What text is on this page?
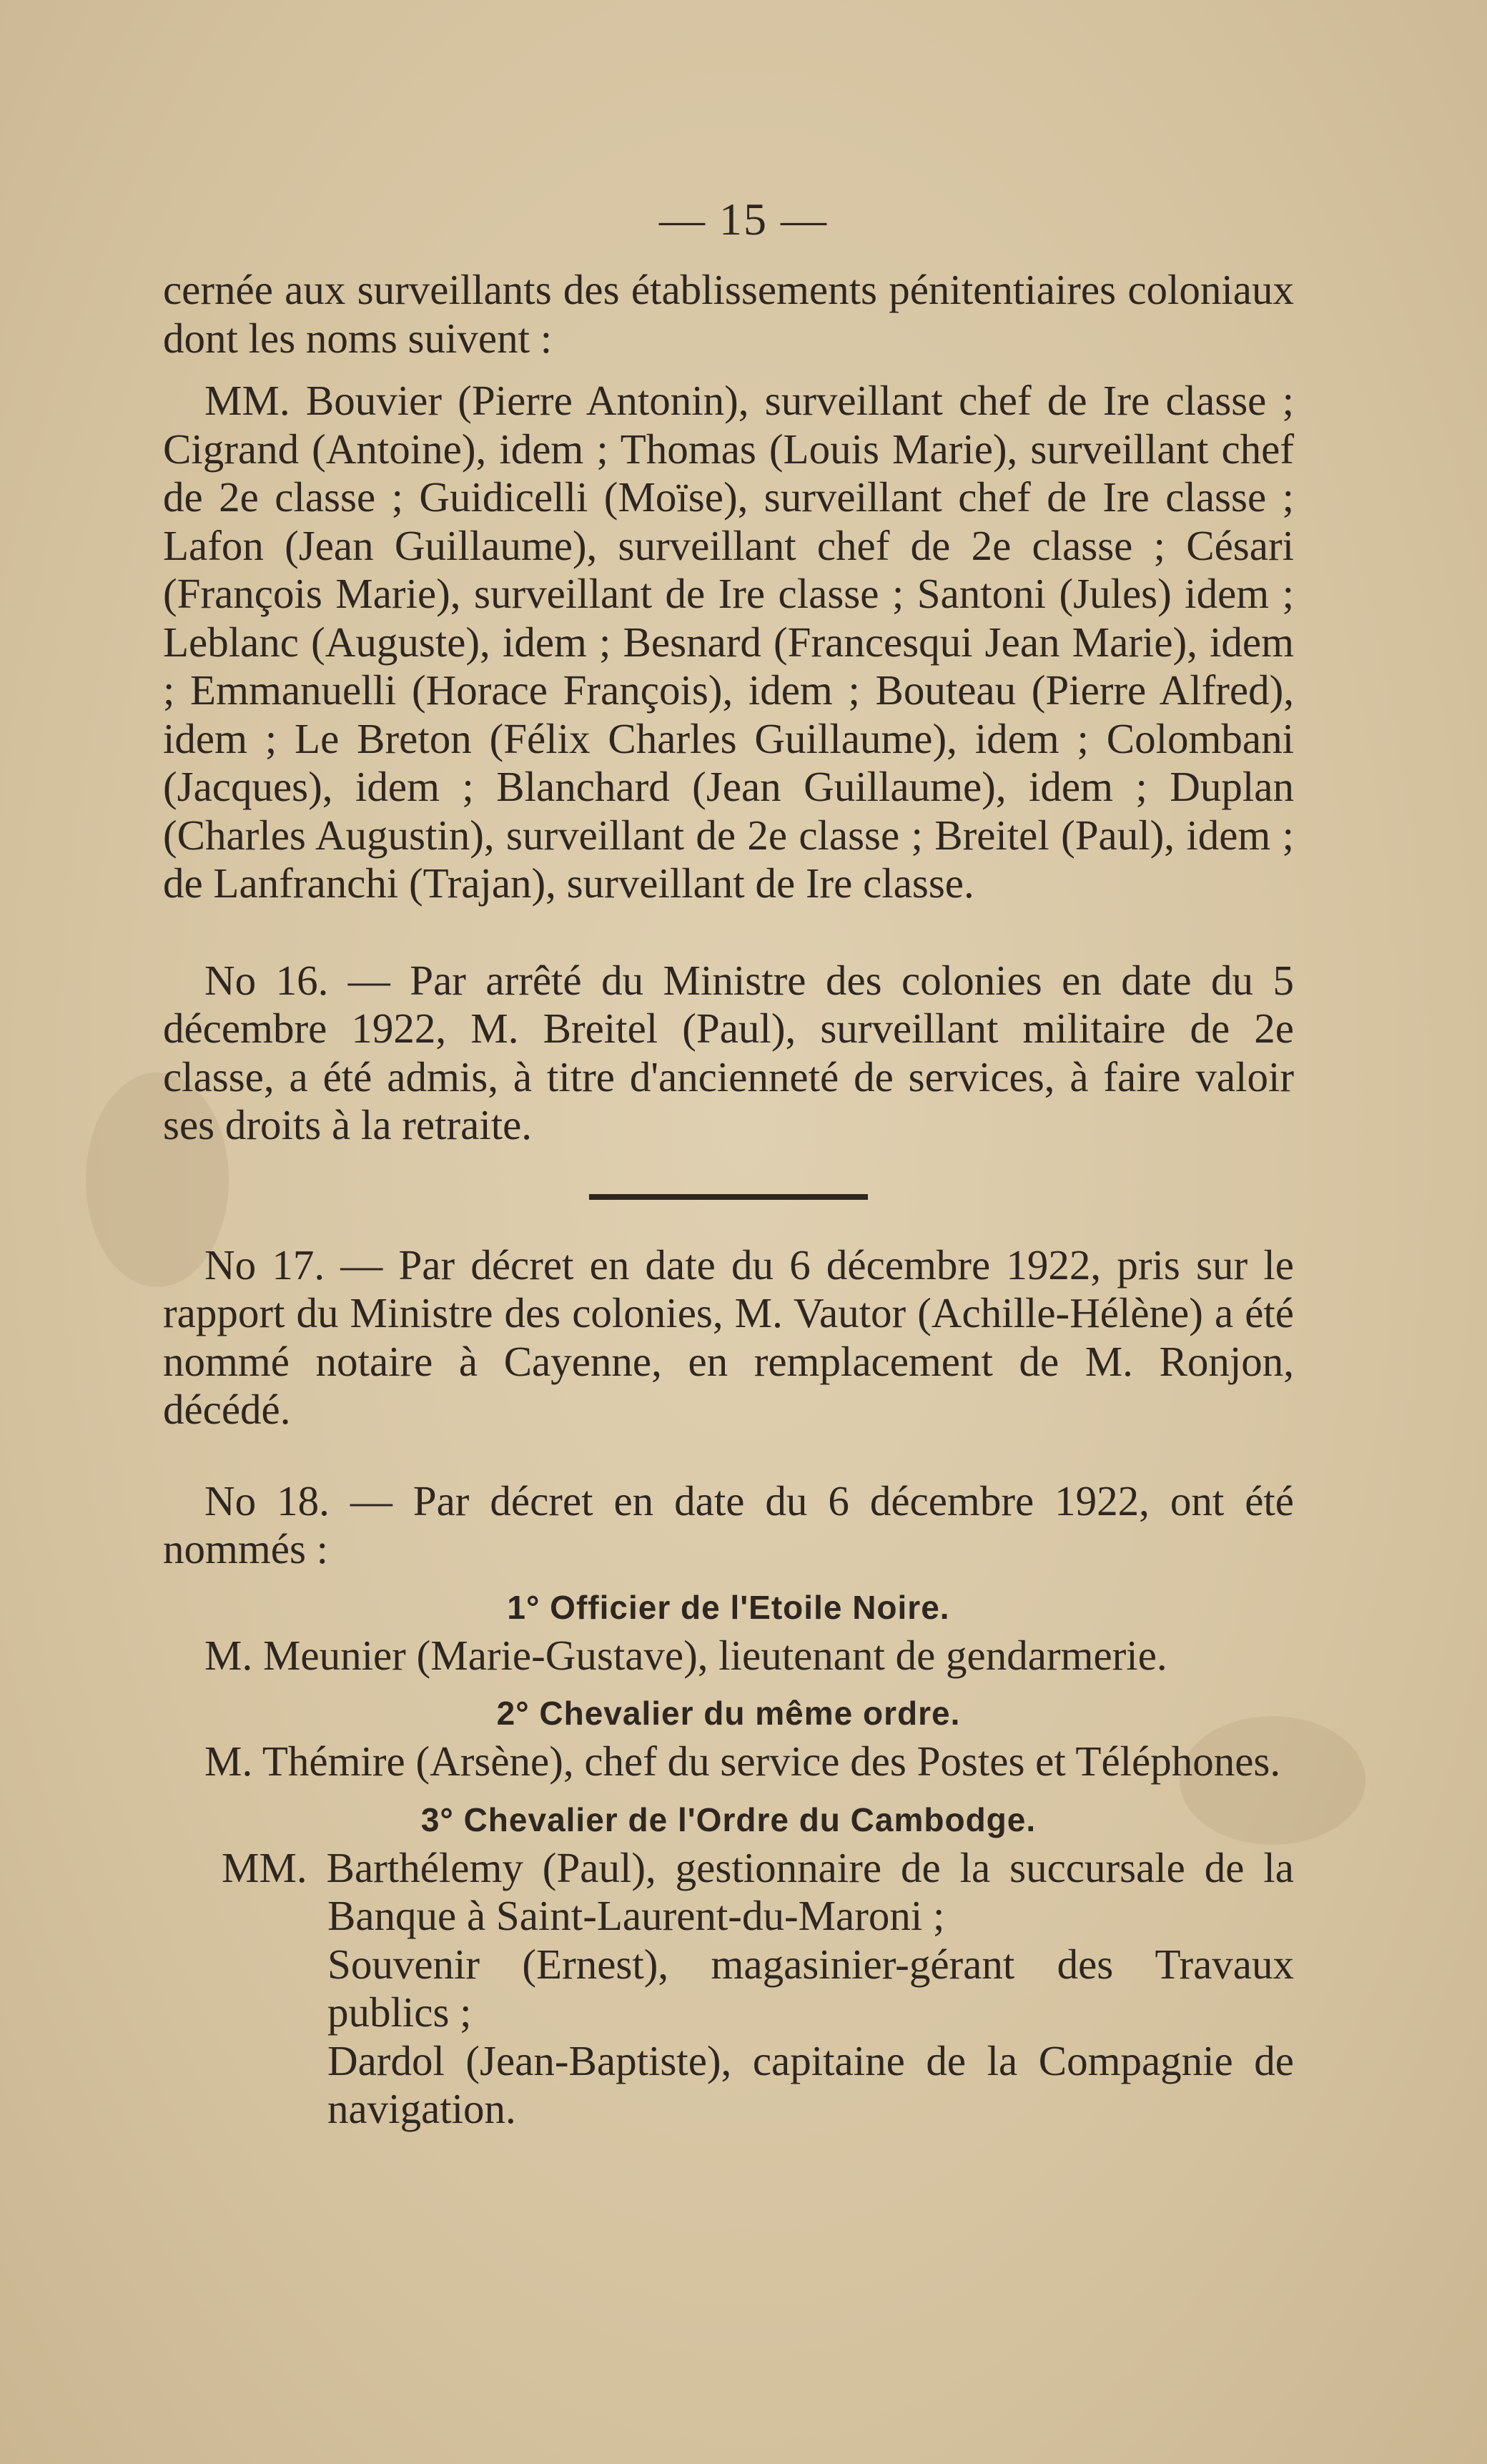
— 15 —

cernée aux surveillants des établissements pénitentiaires coloniaux dont les noms suivent :

MM. Bouvier (Pierre Antonin), surveillant chef de Ire classe ; Cigrand (Antoine), idem ; Thomas (Louis Marie), surveillant chef de 2e classe ; Guidicelli (Moïse), surveillant chef de Ire classe ; Lafon (Jean Guillaume), surveillant chef de 2e classe ; Césari (François Marie), surveillant de Ire classe ; Santoni (Jules) idem ; Leblanc (Auguste), idem ; Besnard (Francesqui Jean Marie), idem ; Emmanuelli (Horace François), idem ; Bouteau (Pierre Alfred), idem ; Le Breton (Félix Charles Guillaume), idem ; Colombani (Jacques), idem ; Blanchard (Jean Guillaume), idem ; Duplan (Charles Augustin), surveillant de 2e classe ; Breitel (Paul), idem ; de Lanfranchi (Trajan), surveillant de Ire classe.

No 16. — Par arrêté du Ministre des colonies en date du 5 décembre 1922, M. Breitel (Paul), surveillant militaire de 2e classe, a été admis, à titre d'ancienneté de services, à faire valoir ses droits à la retraite.

No 17. — Par décret en date du 6 décembre 1922, pris sur le rapport du Ministre des colonies, M. Vautor (Achille-Hélène) a été nommé notaire à Cayenne, en remplacement de M. Ronjon, décédé.

No 18. — Par décret en date du 6 décembre 1922, ont été nommés :

1° Officier de l'Etoile Noire.

M. Meunier (Marie-Gustave), lieutenant de gendarmerie.

2° Chevalier du même ordre.

M. Thémire (Arsène), chef du service des Postes et Téléphones.

3° Chevalier de l'Ordre du Cambodge.

MM. Barthélemy (Paul), gestionnaire de la succursale de la Banque à Saint-Laurent-du-Maroni ;

Souvenir (Ernest), magasinier-gérant des Travaux publics ;

Dardol (Jean-Baptiste), capitaine de la Compagnie de navigation.
